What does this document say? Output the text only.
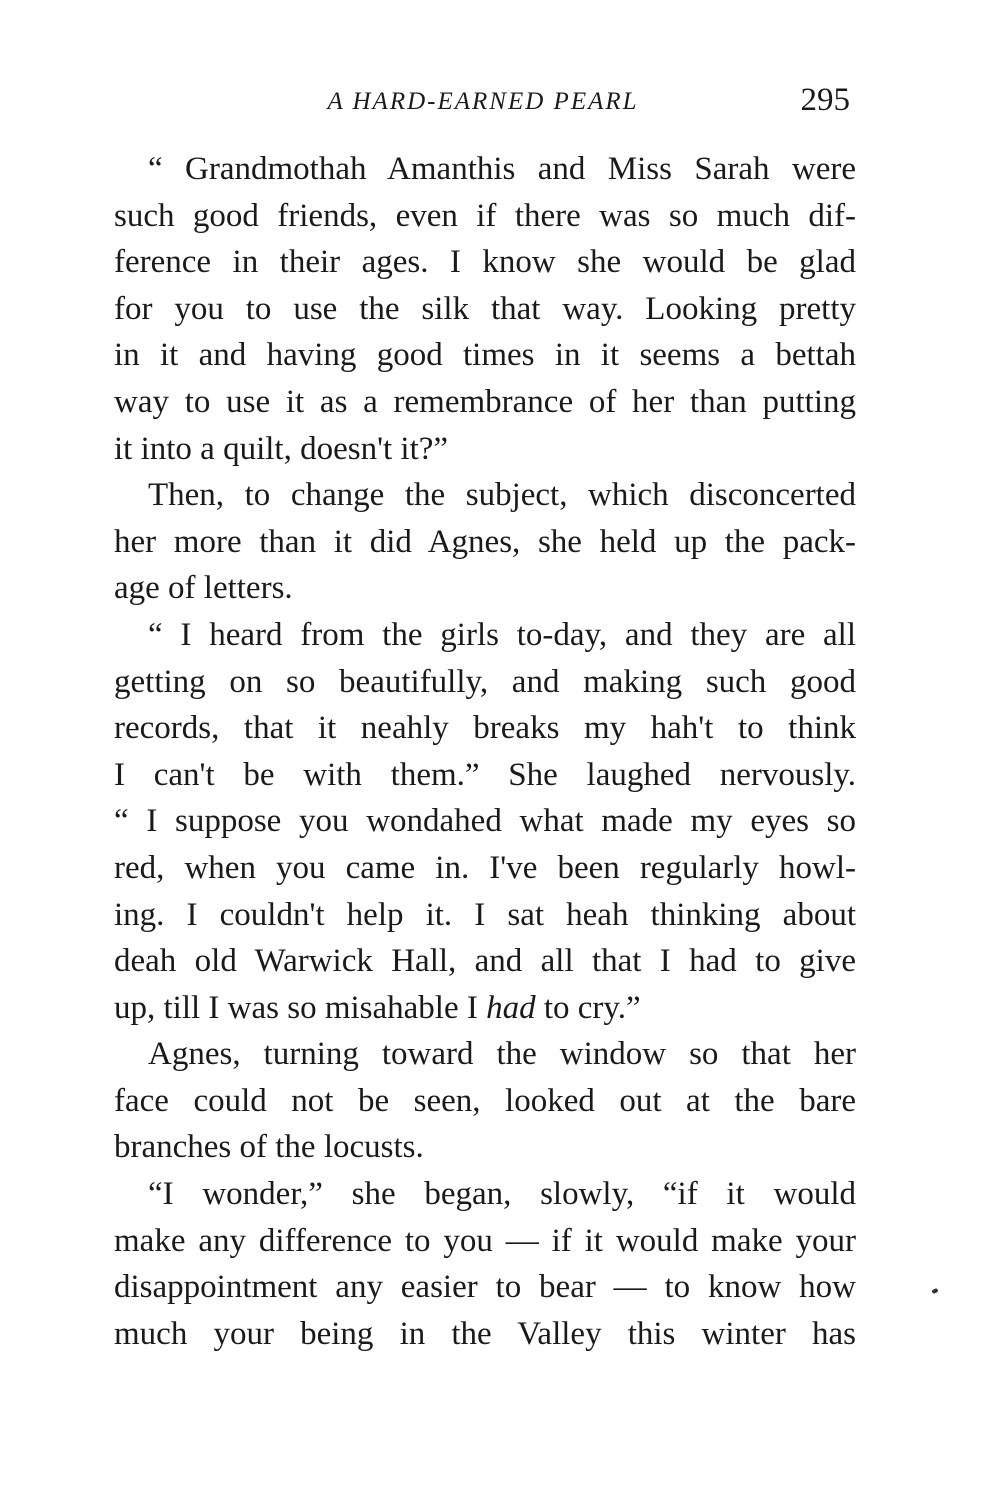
A HARD-EARNED PEARL	295

“ Grandmothah Amanthis and Miss Sarah were
such good friends, even if there was so much dif-
ference in their ages. I know she would be glad
for you to use the silk that way. Looking pretty
in it and having good times in it seems a bettah
way to use it as a remembrance of her than putting
it into a quilt, doesn't it?”

Then, to change the subject, which disconcerted
her more than it did Agnes, she held up the pack-
age of letters.

“ I heard from the girls to-day, and they are all
getting on so beautifully, and making such good
records, that it neahly breaks my hah't to think
I can't be with them.” She laughed nervously.
“ I suppose you wondahed what made my eyes so
red, when you came in. I've been regularly howl-
ing. I couldn't help it. I sat heah thinking about
deah old Warwick Hall, and all that I had to give
up, till I was so misahable I had to cry.”

Agnes, turning toward the window so that her
face could not be seen, looked out at the bare
branches of the locusts.

“I wonder,” she began, slowly, “if it would
make any difference to you — if it would make your
disappointment any easier to bear — to know how
much your being in the Valley this winter has
